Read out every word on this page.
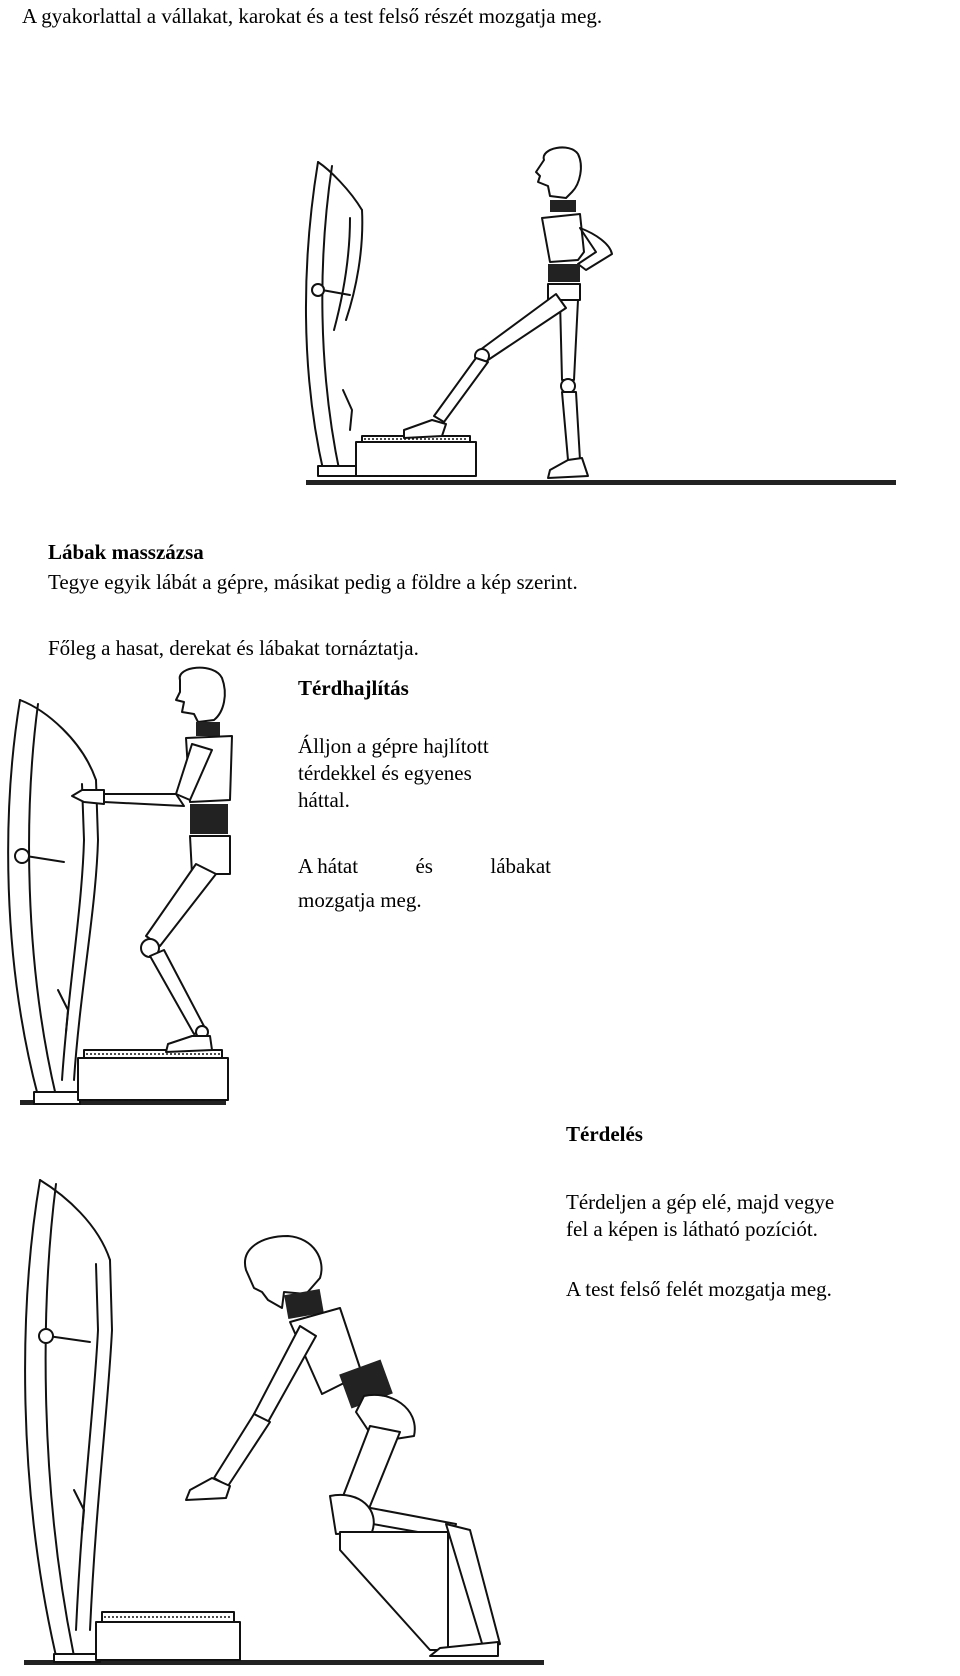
A gyakorlattal a vállakat, karokat és a test felső részét mozgatja meg.
Lábak masszázsa
Tegye egyik lábát a gépre, másikat pedig a földre a kép szerint.
Főleg a hasat, derekat és lábakat tornáztatja.
Térdhajlítás
Álljon a gépre hajlított
térdekkel és egyenes
háttal.
A hátat	és	lábakat
mozgatja meg.
Térdelés
Térdeljen a gép elé, majd vegye
fel a képen is látható pozíciót.
A test felső felét mozgatja meg.
